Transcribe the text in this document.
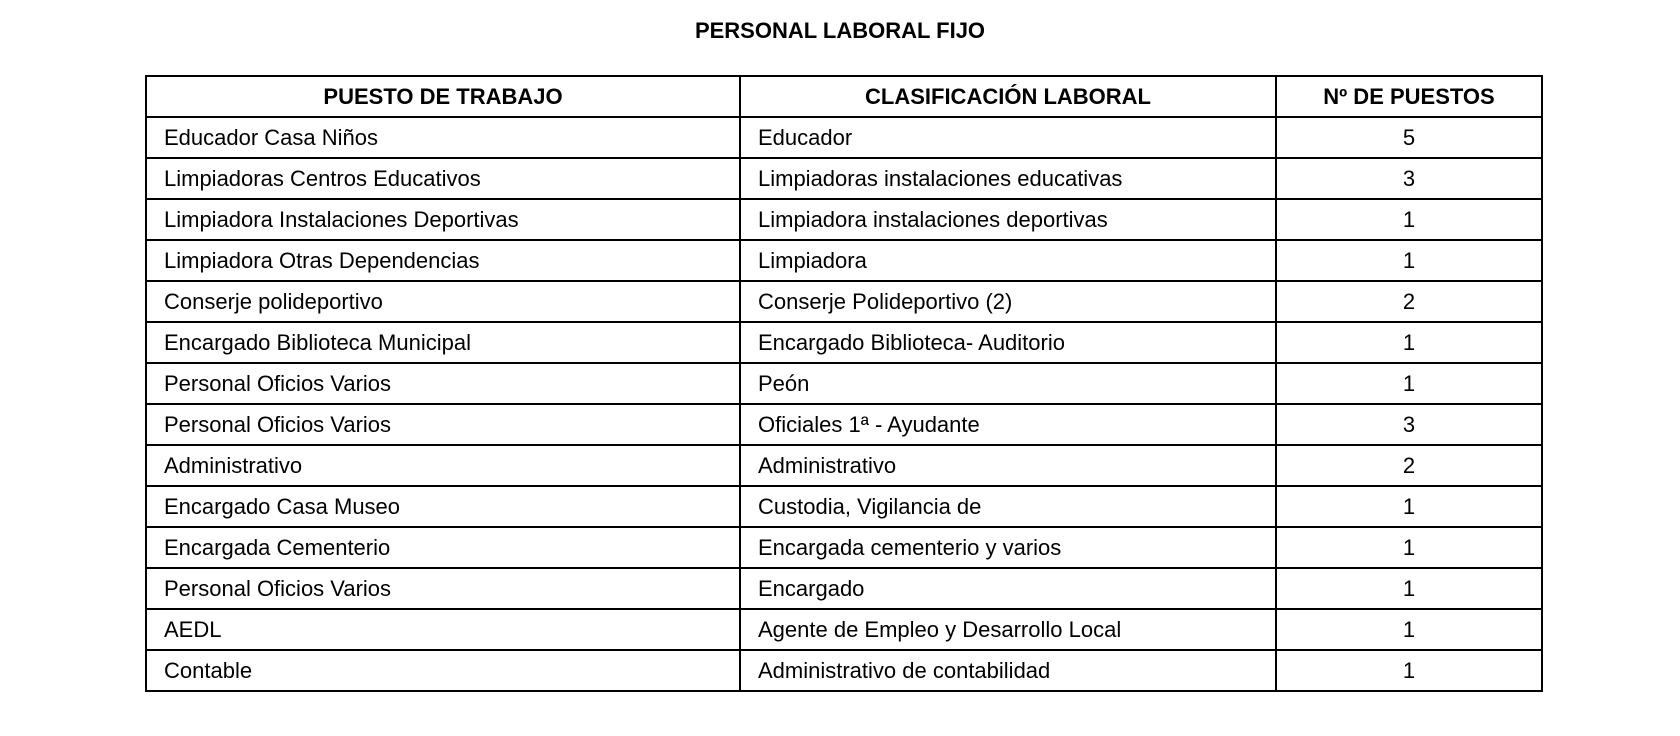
PERSONAL LABORAL FIJO
PUESTO DE TRABAJO	CLASIFICACIÓN LABORAL	Nº DE PUESTOS
Educador Casa Niños	Educador	5
Limpiadoras Centros Educativos	Limpiadoras instalaciones educativas	3
Limpiadora Instalaciones Deportivas	Limpiadora instalaciones deportivas	1
Limpiadora Otras Dependencias	Limpiadora	1
Conserje polideportivo	Conserje Polideportivo (2)	2
Encargado Biblioteca Municipal	Encargado Biblioteca- Auditorio	1
Personal Oficios Varios	Peón	1
Personal Oficios Varios	Oficiales 1ª - Ayudante	3
Administrativo	Administrativo	2
Encargado Casa Museo	Custodia, Vigilancia de	1
Encargada Cementerio	Encargada cementerio y varios	1
Personal Oficios Varios	Encargado	1
AEDL	Agente de Empleo y Desarrollo Local	1
Contable	Administrativo de contabilidad	1
